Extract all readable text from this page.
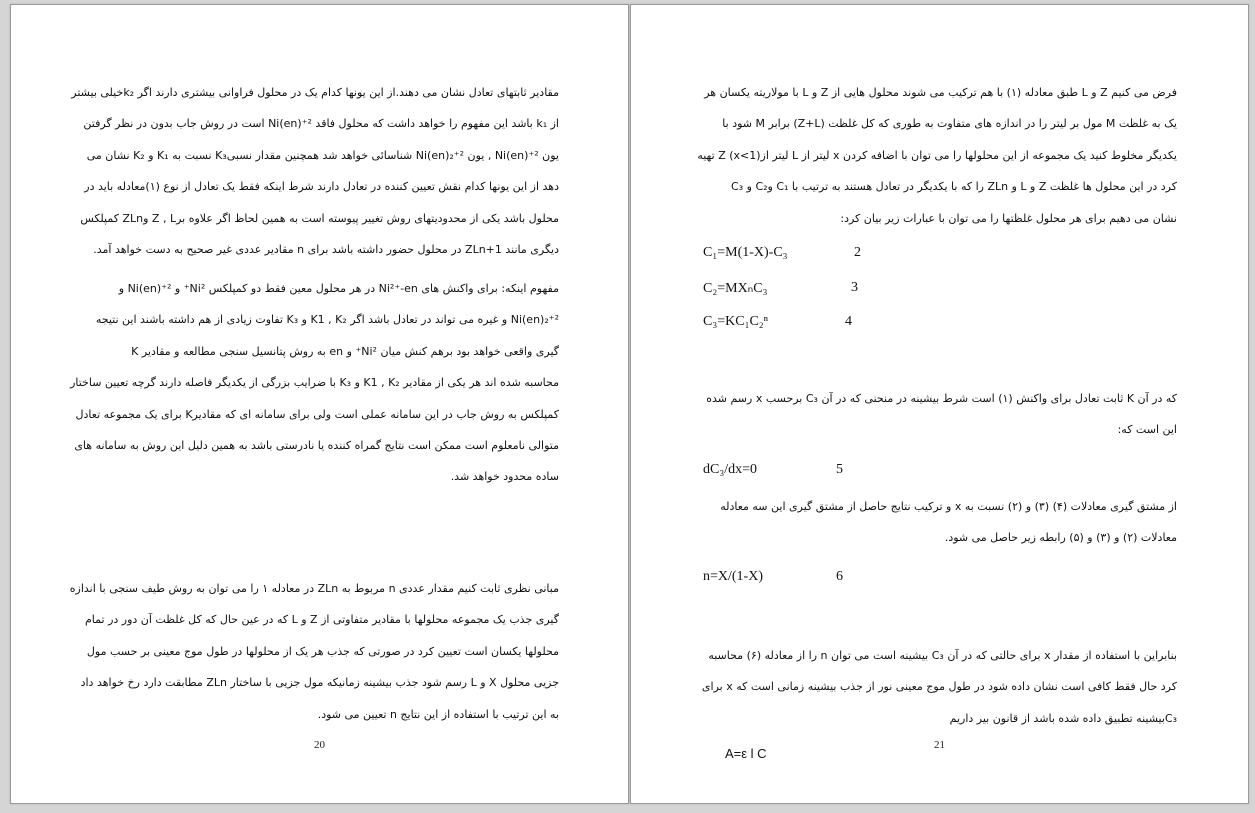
مقادیر ثابتهای تعادل نشان می دهند.از این یونها کدام یک در محلول فراوانی بیشتری دارند اگر k₂خیلی بیشتر
از k₁ باشد این مفهوم را خواهد داشت که محلول فاقد ²⁺Ni(en) است در روش جاب بدون در نظر گرفتن
یون ²⁺Ni(en) , یون ²⁺Ni(en)₂ شناسائی خواهد شد همچنین مقدار نسبیK₃ نسبت به K₁ و K₂ نشان می
دهد از این یونها کدام نقش تعیین کننده در تعادل دارند شرط اینکه فقط یک تعادل از نوع (۱)معادله باید در
محلول باشد یکی از محدودیتهای روش تغییر پیوسته است به همین لحاظ اگر علاوه برZ , L وZLn کمپلکس
دیگری مانند ZLn+1 در محلول حضور داشته باشد برای n مقادیر عددی غیر صحیح به دست خواهد آمد.
مفهوم اینکه: برای واکنش های Ni²⁺-en در هر محلول معین فقط دو کمپلکس Ni²⁺ و ²⁺Ni(en) و
²⁺Ni(en)₂ و غیره می تواند در تعادل باشد اگر K1 , K₂ و K₃ تفاوت زیادی از هم داشته باشند این نتیجه
گیری واقعی خواهد بود برهم کنش میان Ni²⁺ و en به روش پتانسیل سنجی مطالعه و مقادیر K
محاسبه شده اند هر یکی از مقادیر K1 , K₂ و K₃ با ضرایب بزرگی از یکدیگر فاصله دارند گرچه تعیین ساختار
کمپلکس به روش جاب در این سامانه عملی است ولی برای سامانه ای که مقادیرK برای یک مجموعه تعادل
متوالی نامعلوم است ممکن است نتایج گمراه کننده یا نادرستی باشد به همین دلیل این روش به سامانه های
ساده محدود خواهد شد.
مبانی نظری ثابت کنیم مقدار عددی n مربوط به ZLn در معادله ۱ را می توان به روش طیف سنجی با اندازه
گیری جذب یک مجموعه محلولها با مقادیر متفاوتی از Z و L که در عین حال که کل غلظت آن دور در تمام
محلولها یکسان است تعیین کرد در صورتی که جذب هر یک از محلولها در طول موج معینی بر حسب مول
جزیی محلول X و L رسم شود جذب بیشینه زمانیکه مول جزیی با ساختار ZLn مطابقت دارد رخ خواهد داد
به این ترتیب با استفاده از این نتایج n تعیین می شود.
20
فرض می کنیم Z و L طبق معادله (۱) با هم ترکیب می شوند محلول هایی از Z و L با مولاریته یکسان هر
یک به غلظت M مول بر لیتر را در اندازه های متفاوت به طوری که کل غلظت (Z+L) برابر M شود با
یکدیگر مخلوط کنید یک مجموعه از این محلولها را می توان با اضافه کردن x لیتر از L لیتر ازZ (x<1) تهیه
کرد در این محلول ها غلظت Z و L و ZLn را که با یکدیگر در تعادل هستند به ترتیب با C₁ وC₂ و C₃
نشان می دهیم برای هر محلول غلظتها را می توان با عبارات زیر بیان کرد:
C₁=M(1-X)-C₃	2
C₂=MXₙC₃	3
C₃=KC₁C₂ⁿ	4
که در آن K ثابت تعادل برای واکنش (۱) است شرط بیشینه در منحنی که در آن C₃ برحسب x رسم شده
این است که:
dC₃/dx=0	5
از مشتق گیری معادلات (۴) (۳) و (۲) نسبت به x و ترکیب نتایج حاصل از مشتق گیری این سه معادله
معادلات (۲) و (۳) و (۵) رابطه زیر حاصل می شود.
n=X/(1-X)	6
بنابراین با استفاده از مقدار x برای حالتی که در آن C₃ بیشینه است می توان n را از معادله (۶) محاسبه
کرد حال فقط کافی است نشان داده شود در طول موج معینی نور از جذب بیشینه زمانی است که x برای
C₃بیشینه تطبیق داده شده باشد از قانون بیر داریم
21
A=ε l C
